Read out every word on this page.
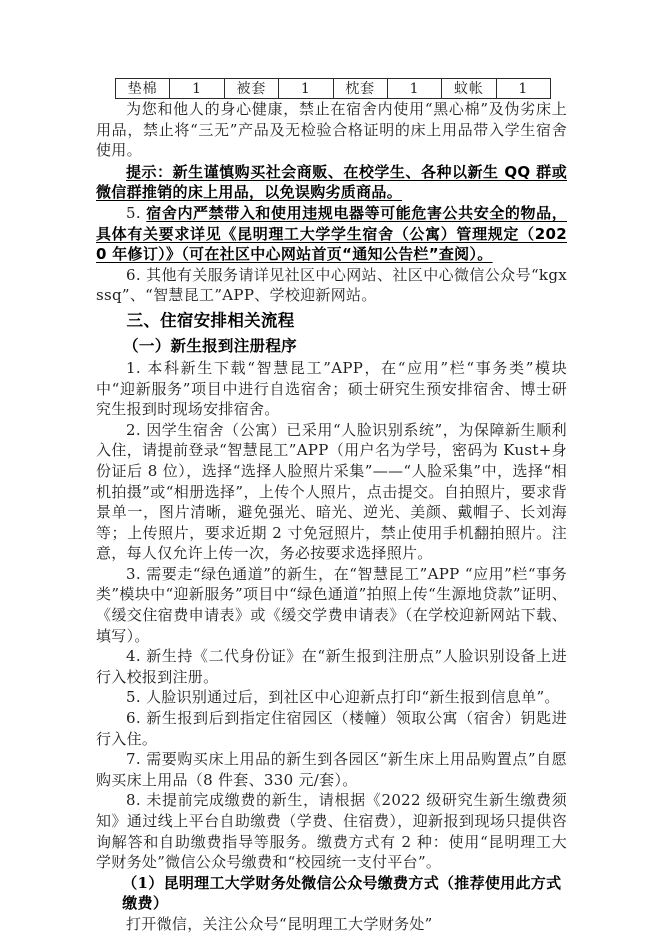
垫棉	1	被套	1	枕套	1	蚊帐	1

为您和他人的身心健康，禁止在宿舍内使用“黑心棉”及伪劣床上用品，禁止将“三无”产品及无检验合格证明的床上用品带入学生宿舍使用。

提示：新生谨慎购买社会商贩、在校学生、各种以新生 QQ 群或微信群推销的床上用品，以免误购劣质商品。

5. 宿舍内严禁带入和使用违规电器等可能危害公共安全的物品，具体有关要求详见《昆明理工大学学生宿舍（公寓）管理规定（2020 年修订）》（可在社区中心网站首页“通知公告栏”查阅）。

6. 其他有关服务请详见社区中心网站、社区中心微信公众号“kgxssq”、“智慧昆工”APP、学校迎新网站。

三、住宿安排相关流程
（一）新生报到注册程序

1. 本科新生下载“智慧昆工”APP，在“应用”栏“事务类”模块中“迎新服务”项目中进行自选宿舍；硕士研究生预安排宿舍、博士研究生报到时现场安排宿舍。

2. 因学生宿舍（公寓）已采用“人脸识别系统”，为保障新生顺利入住，请提前登录“智慧昆工”APP（用户名为学号，密码为 Kust+身份证后 8 位），选择“选择人脸照片采集”——“人脸采集”中，选择“相机拍摄”或“相册选择”，上传个人照片，点击提交。自拍照片，要求背景单一，图片清晰，避免强光、暗光、逆光、美颜、戴帽子、长刘海等；上传照片，要求近期 2 寸免冠照片，禁止使用手机翻拍照片。注意，每人仅允许上传一次，务必按要求选择照片。

3. 需要走“绿色通道”的新生，在“智慧昆工”APP “应用”栏“事务类”模块中“迎新服务”项目中“绿色通道”拍照上传“生源地贷款”证明、《缓交住宿费申请表》或《缓交学费申请表》（在学校迎新网站下载、填写）。

4. 新生持《二代身份证》在“新生报到注册点”人脸识别设备上进行入校报到注册。

5. 人脸识别通过后，到社区中心迎新点打印“新生报到信息单”。

6. 新生报到后到指定住宿园区（楼幢）领取公寓（宿舍）钥匙进行入住。

7. 需要购买床上用品的新生到各园区“新生床上用品购置点”自愿购买床上用品（8 件套、330 元/套）。

8. 未提前完成缴费的新生，请根据《2022 级研究生新生缴费须知》通过线上平台自助缴费（学费、住宿费），迎新报到现场只提供咨询解答和自助缴费指导等服务。缴费方式有 2 种：使用“昆明理工大学财务处”微信公众号缴费和“校园统一支付平台”。

（1）昆明理工大学财务处微信公众号缴费方式（推荐使用此方式缴费）

打开微信，关注公众号“昆明理工大学财务处”
